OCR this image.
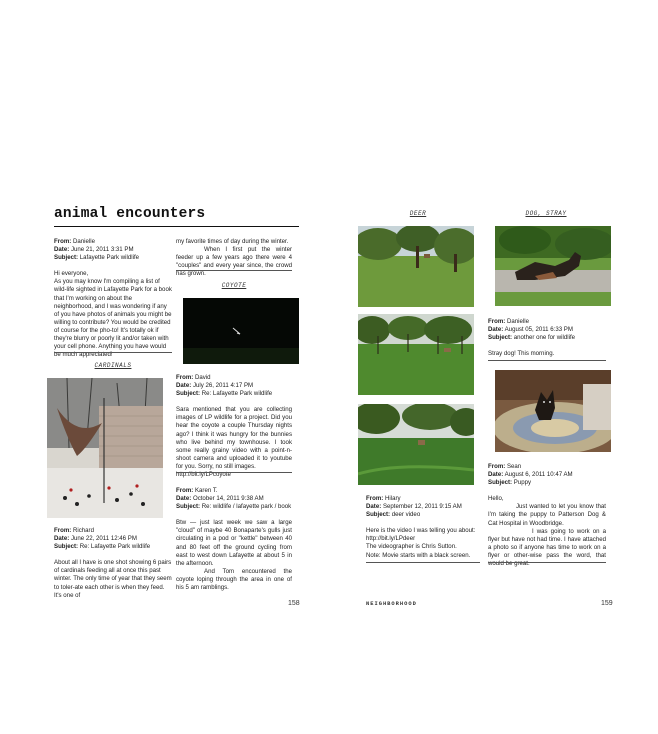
animal encounters

From: Danielle

Date: June 21, 2011 3:31 PM

Subject: Lafayette Park wildlife

Hi everyone,

As you may know I'm compiling a list of wild-life sighted in Lafayette Park for a book that I'm working on about the neighborhood, and I was wondering if any of you have photos of animals you might be willing to contribute? You would be credited of course for the pho-to! It's totally ok if they're blurry or poorly lit and/or taken with your cell phone. Anything you have would be much appreciated!

CARDINALS

From: Richard

Date: June 22, 2011 12:46 PM

Subject: Re: Lafayette Park wildlife

About all I have is one shot showing 6 pairs of cardinals feeding all at once this past winter. The only time of year that they seem to toler-ate each other is when they feed. It's one of

my favorite times of day during the winter.

When I first put the winter feeder up a few years ago there were 4 "couples" and every year since, the crowd has grown.

COYOTE

From: David

Date: July 26, 2011 4:17 PM

Subject: Re: Lafayette Park wildlife

Sara mentioned that you are collecting images of LP wildlife for a project. Did you hear the coyote a couple Thursday nights ago? I think it was hungry for the bunnies who live behind my townhouse. I took some really grainy video with a point-n-shoot camera and uploaded it to youtube for you. Sorry, no still images.

http://bit.ly/LPcoyote

From: Karen T.

Date: October 14, 2011 9:38 AM

Subject: Re: wildlife / lafayette park / book

Btw — just last week we saw a large "cloud" of maybe 40 Bonaparte's gulls just circulating in a pod or "kettle" between 40 and 80 feet off the ground cycling from east to west down Lafayette at about 5 in the afternoon.

And Tom encountered the coyote loping through the area in one of his 5 am ramblings.

158
DEER	DOG, STRAY

From: Hilary

Date: September 12, 2011 9:15 AM

Subject: deer video

Here is the video I was telling you about:

http://bit.ly/LPdeer

The videographer is Chris Sutton.

Note: Movie starts with a black screen.

From: Danielle

Date: August 05, 2011 6:33 PM

Subject: another one for wildlife

Stray dog! This morning.

From: Sean

Date: August 6, 2011 10:47 AM

Subject: Puppy

Hello,

Just wanted to let you know that I'm taking the puppy to Patterson Dog & Cat Hospital in Woodbridge.

I was going to work on a flyer but have not had time. I have attached a photo so if anyone has time to work on a flyer or other-wise pass the word, that would be great.

NEIGHBORHOOD	159
